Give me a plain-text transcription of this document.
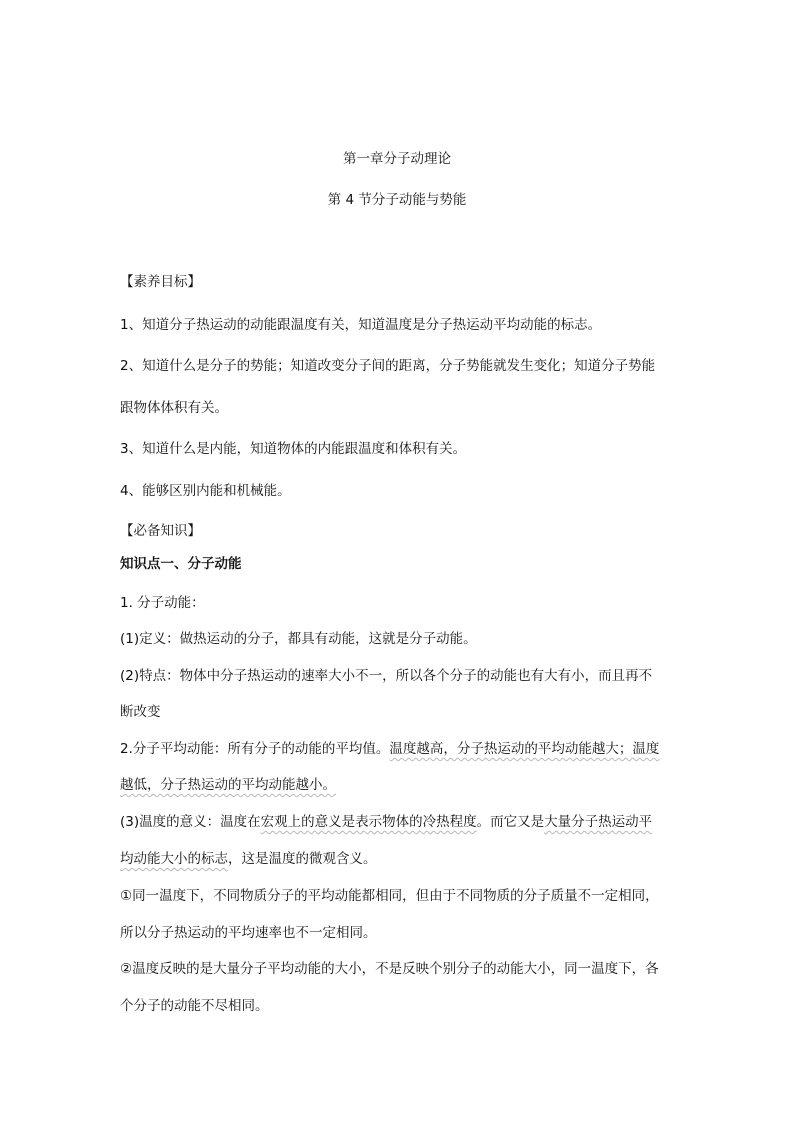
第一章分子动理论
第 4 节分子动能与势能
【素养目标】
1、知道分子热运动的动能跟温度有关，知道温度是分子热运动平均动能的标志。
2、知道什么是分子的势能；知道改变分子间的距离，分子势能就发生变化；知道分子势能
跟物体体积有关。
3、知道什么是内能，知道物体的内能跟温度和体积有关。
4、能够区别内能和机械能。
【必备知识】
知识点一、分子动能
1. 分子动能：
(1)定义：做热运动的分子，都具有动能，这就是分子动能。
(2)特点：物体中分子热运动的速率大小不一，所以各个分子的动能也有大有小，而且再不
断改变
2.分子平均动能：所有分子的动能的平均值。温度越高，分子热运动的平均动能越大；温度
越低，分子热运动的平均动能越小。
(3)温度的意义：温度在宏观上的意义是表示物体的冷热程度。而它又是大量分子热运动平
均动能大小的标志，这是温度的微观含义。
①同一温度下，不同物质分子的平均动能都相同，但由于不同物质的分子质量不一定相同，
所以分子热运动的平均速率也不一定相同。
②温度反映的是大量分子平均动能的大小，不是反映个别分子的动能大小，同一温度下，各
个分子的动能不尽相同。
